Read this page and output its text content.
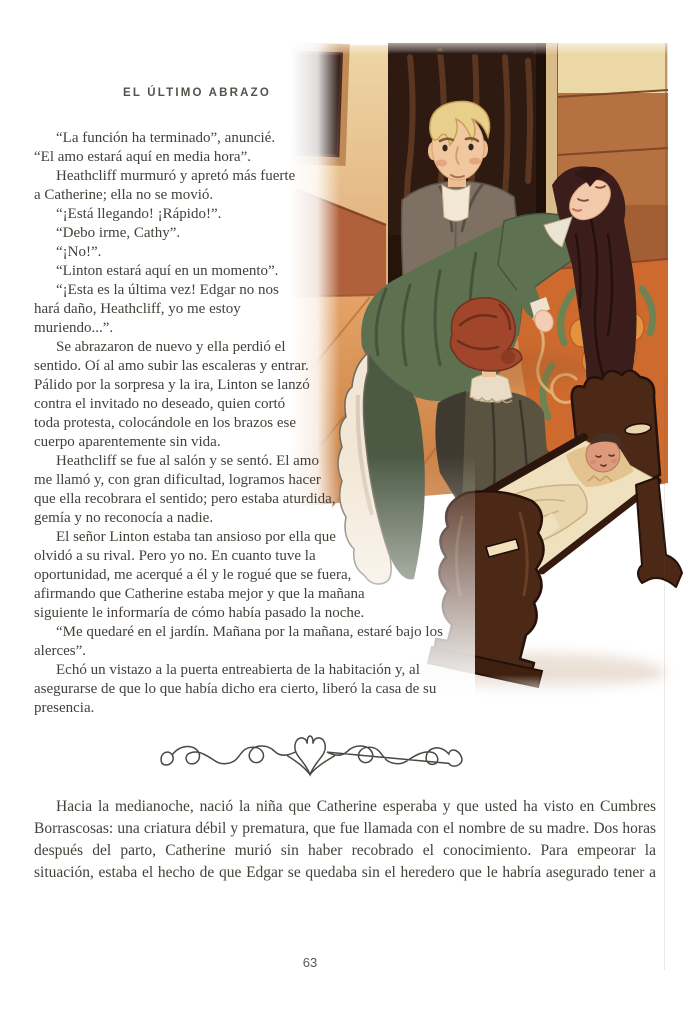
EL ÚLTIMO ABRAZO

“La función ha terminado”, anuncié. “El amo estará aquí en media hora”.

Heathcliff murmuró y apretó más fuerte a Catherine; ella no se movió.

“¡Está llegando! ¡Rápido!”.

“Debo irme, Cathy”.

“¡No!”.

“Linton estará aquí en un momento”.

“¡Esta es la última vez! Edgar no nos hará daño, Heathcliff, yo me estoy muriendo...”.

Se abrazaron de nuevo y ella perdió el sentido. Oí al amo subir las escaleras y entrar. Pálido por la sorpresa y la ira, Linton se lanzó contra el invitado no deseado, quien cortó toda protesta, colocándole en los brazos ese cuerpo aparentemente sin vida.

Heathcliff se fue al salón y se sentó. El amo me llamó y, con gran dificultad, logramos hacer que ella recobrara el sentido; pero estaba aturdida, gemía y no reconocía a nadie.

El señor Linton estaba tan ansioso por ella que olvidó a su rival. Pero yo no. En cuanto tuve la oportunidad, me acerqué a él y le rogué que se fuera, afirmando que Catherine estaba mejor y que la mañana siguiente le informaría de cómo había pasado la noche.

“Me quedaré en el jardín. Mañana por la mañana, estaré bajo los alerces”.

Echó un vistazo a la puerta entreabierta de la habitación y, al asegurarse de que lo que había dicho era cierto, liberó la casa de su presencia.

Hacia la medianoche, nació la niña que Catherine esperaba y que usted ha visto en Cumbres Borrascosas: una criatura débil y prematura, que fue llamada con el nombre de su madre. Dos horas después del parto, Catherine murió sin haber recobrado el conocimiento. Para empeorar la situación, estaba el hecho de que Edgar se quedaba sin el heredero que le habría asegurado tener a

63
